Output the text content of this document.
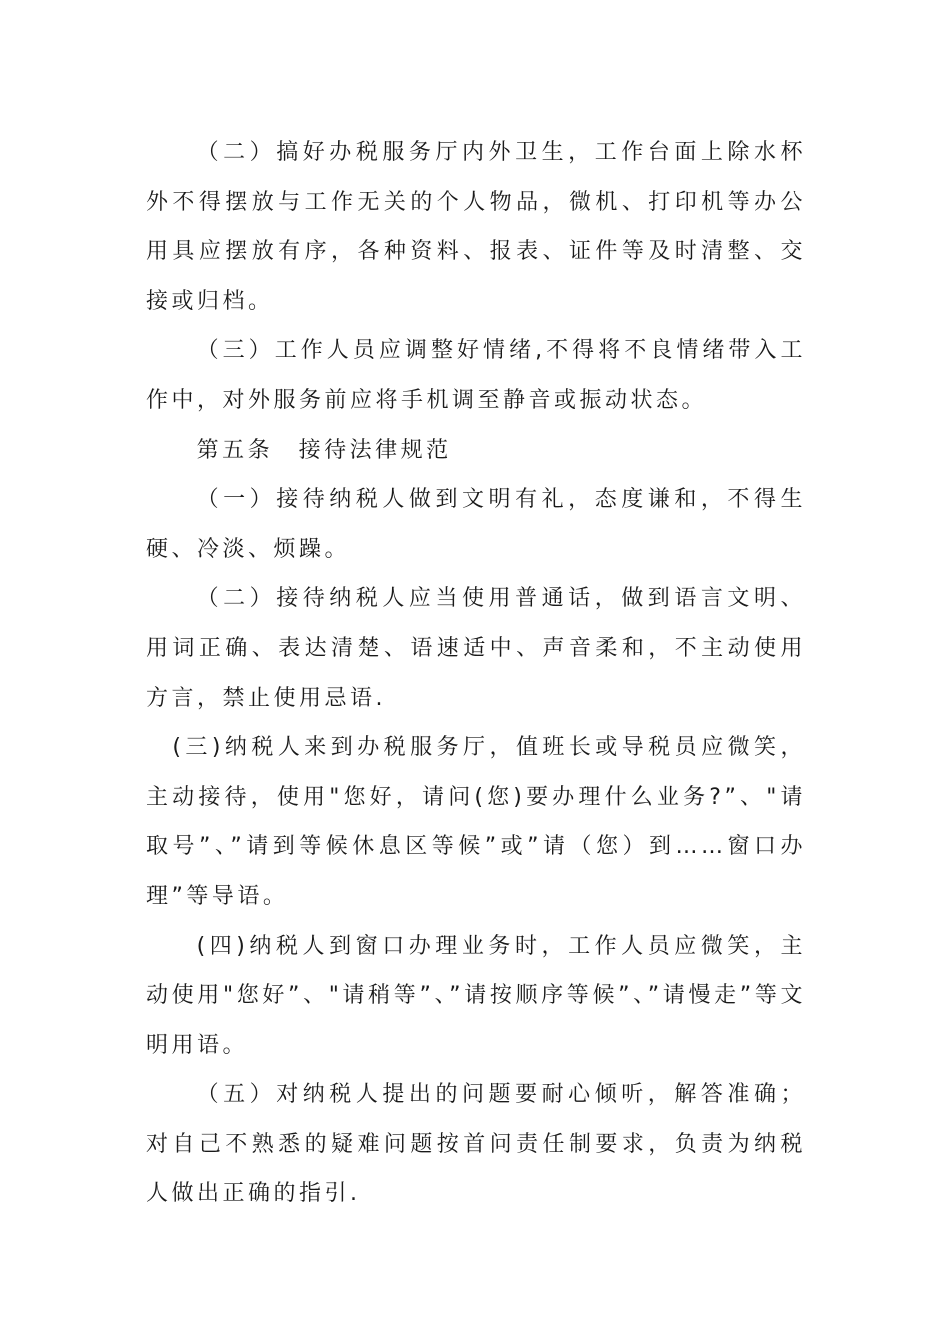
（二）搞好办税服务厅内外卫生，工作台面上除水杯外不得摆放与工作无关的个人物品，微机、打印机等办公用具应摆放有序，各种资料、报表、证件等及时清整、交接或归档。

（三）工作人员应调整好情绪,不得将不良情绪带入工作中，对外服务前应将手机调至静音或振动状态。

第五条　接待法律规范

（一）接待纳税人做到文明有礼，态度谦和，不得生硬、冷淡、烦躁。

（二）接待纳税人应当使用普通话，做到语言文明、用词正确、表达清楚、语速适中、声音柔和，不主动使用方言，禁止使用忌语.

(三)纳税人来到办税服务厅，值班长或导税员应微笑，主动接待，使用"您好，请问(您)要办理什么业务?”、"请取号”、”请到等候休息区等候”或”请（您）到……窗口办理”等导语。

(四)纳税人到窗口办理业务时，工作人员应微笑，主动使用"您好”、"请稍等”、”请按顺序等候”、”请慢走”等文明用语。

（五）对纳税人提出的问题要耐心倾听，解答准确；对自己不熟悉的疑难问题按首问责任制要求，负责为纳税人做出正确的指引.
